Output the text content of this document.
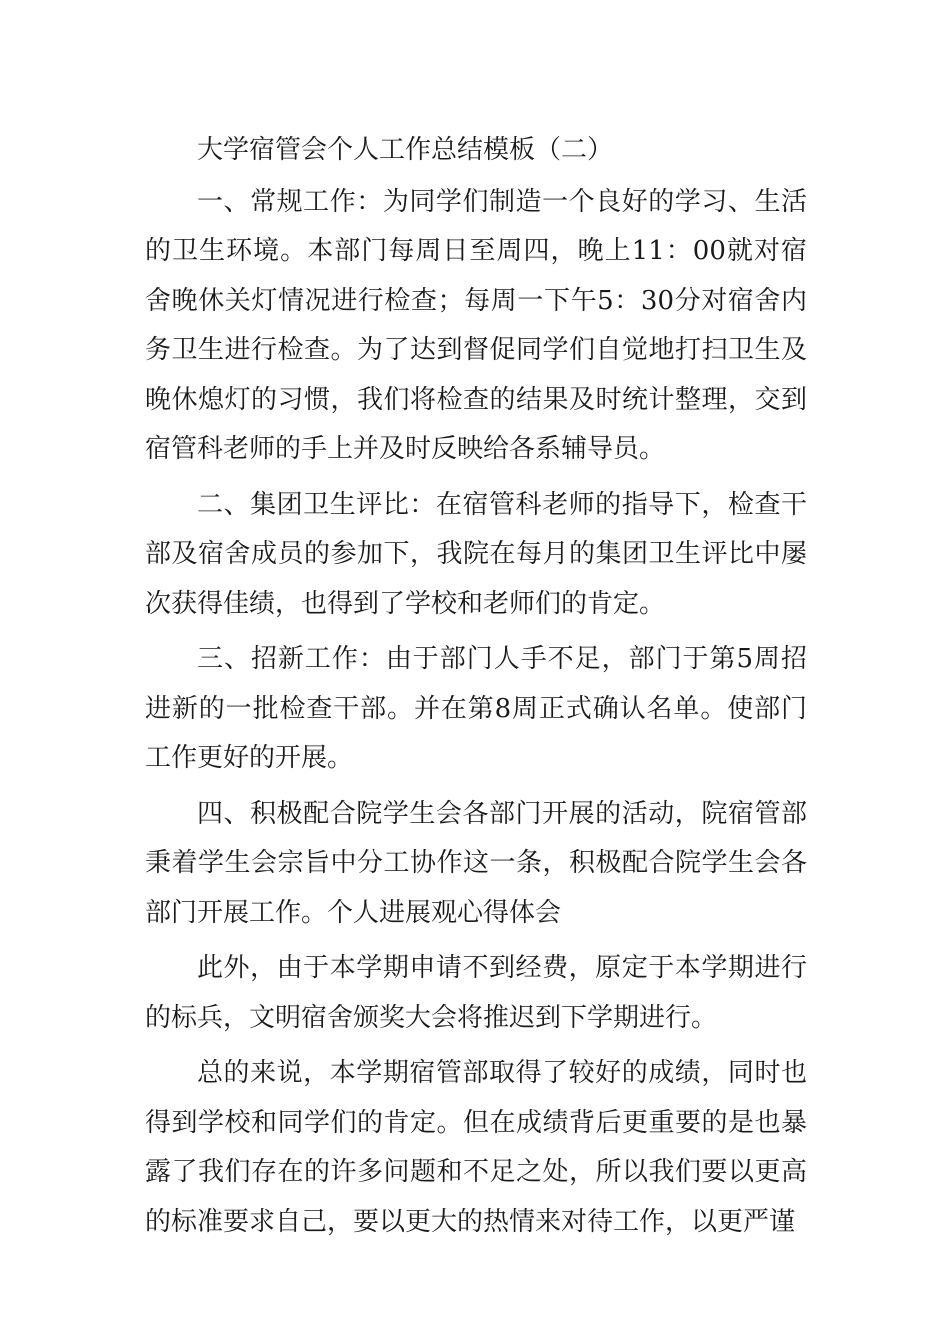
大学宿管会个人工作总结模板（二）
一、常规工作：为同学们制造一个良好的学习、生活的卫生环境。本部门每周日至周四，晚上11：00就对宿舍晚休关灯情况进行检查；每周一下午5：30分对宿舍内务卫生进行检查。为了达到督促同学们自觉地打扫卫生及晚休熄灯的习惯，我们将检查的结果及时统计整理，交到宿管科老师的手上并及时反映给各系辅导员。
二、集团卫生评比：在宿管科老师的指导下，检查干部及宿舍成员的参加下，我院在每月的集团卫生评比中屡次获得佳绩，也得到了学校和老师们的肯定。
三、招新工作：由于部门人手不足，部门于第5周招进新的一批检查干部。并在第8周正式确认名单。使部门工作更好的开展。
四、积极配合院学生会各部门开展的活动，院宿管部秉着学生会宗旨中分工协作这一条，积极配合院学生会各部门开展工作。个人进展观心得体会
此外，由于本学期申请不到经费，原定于本学期进行的标兵，文明宿舍颁奖大会将推迟到下学期进行。
总的来说，本学期宿管部取得了较好的成绩，同时也得到学校和同学们的肯定。但在成绩背后更重要的是也暴露了我们存在的许多问题和不足之处，所以我们要以更高的标准要求自己，要以更大的热情来对待工作，以更严谨
